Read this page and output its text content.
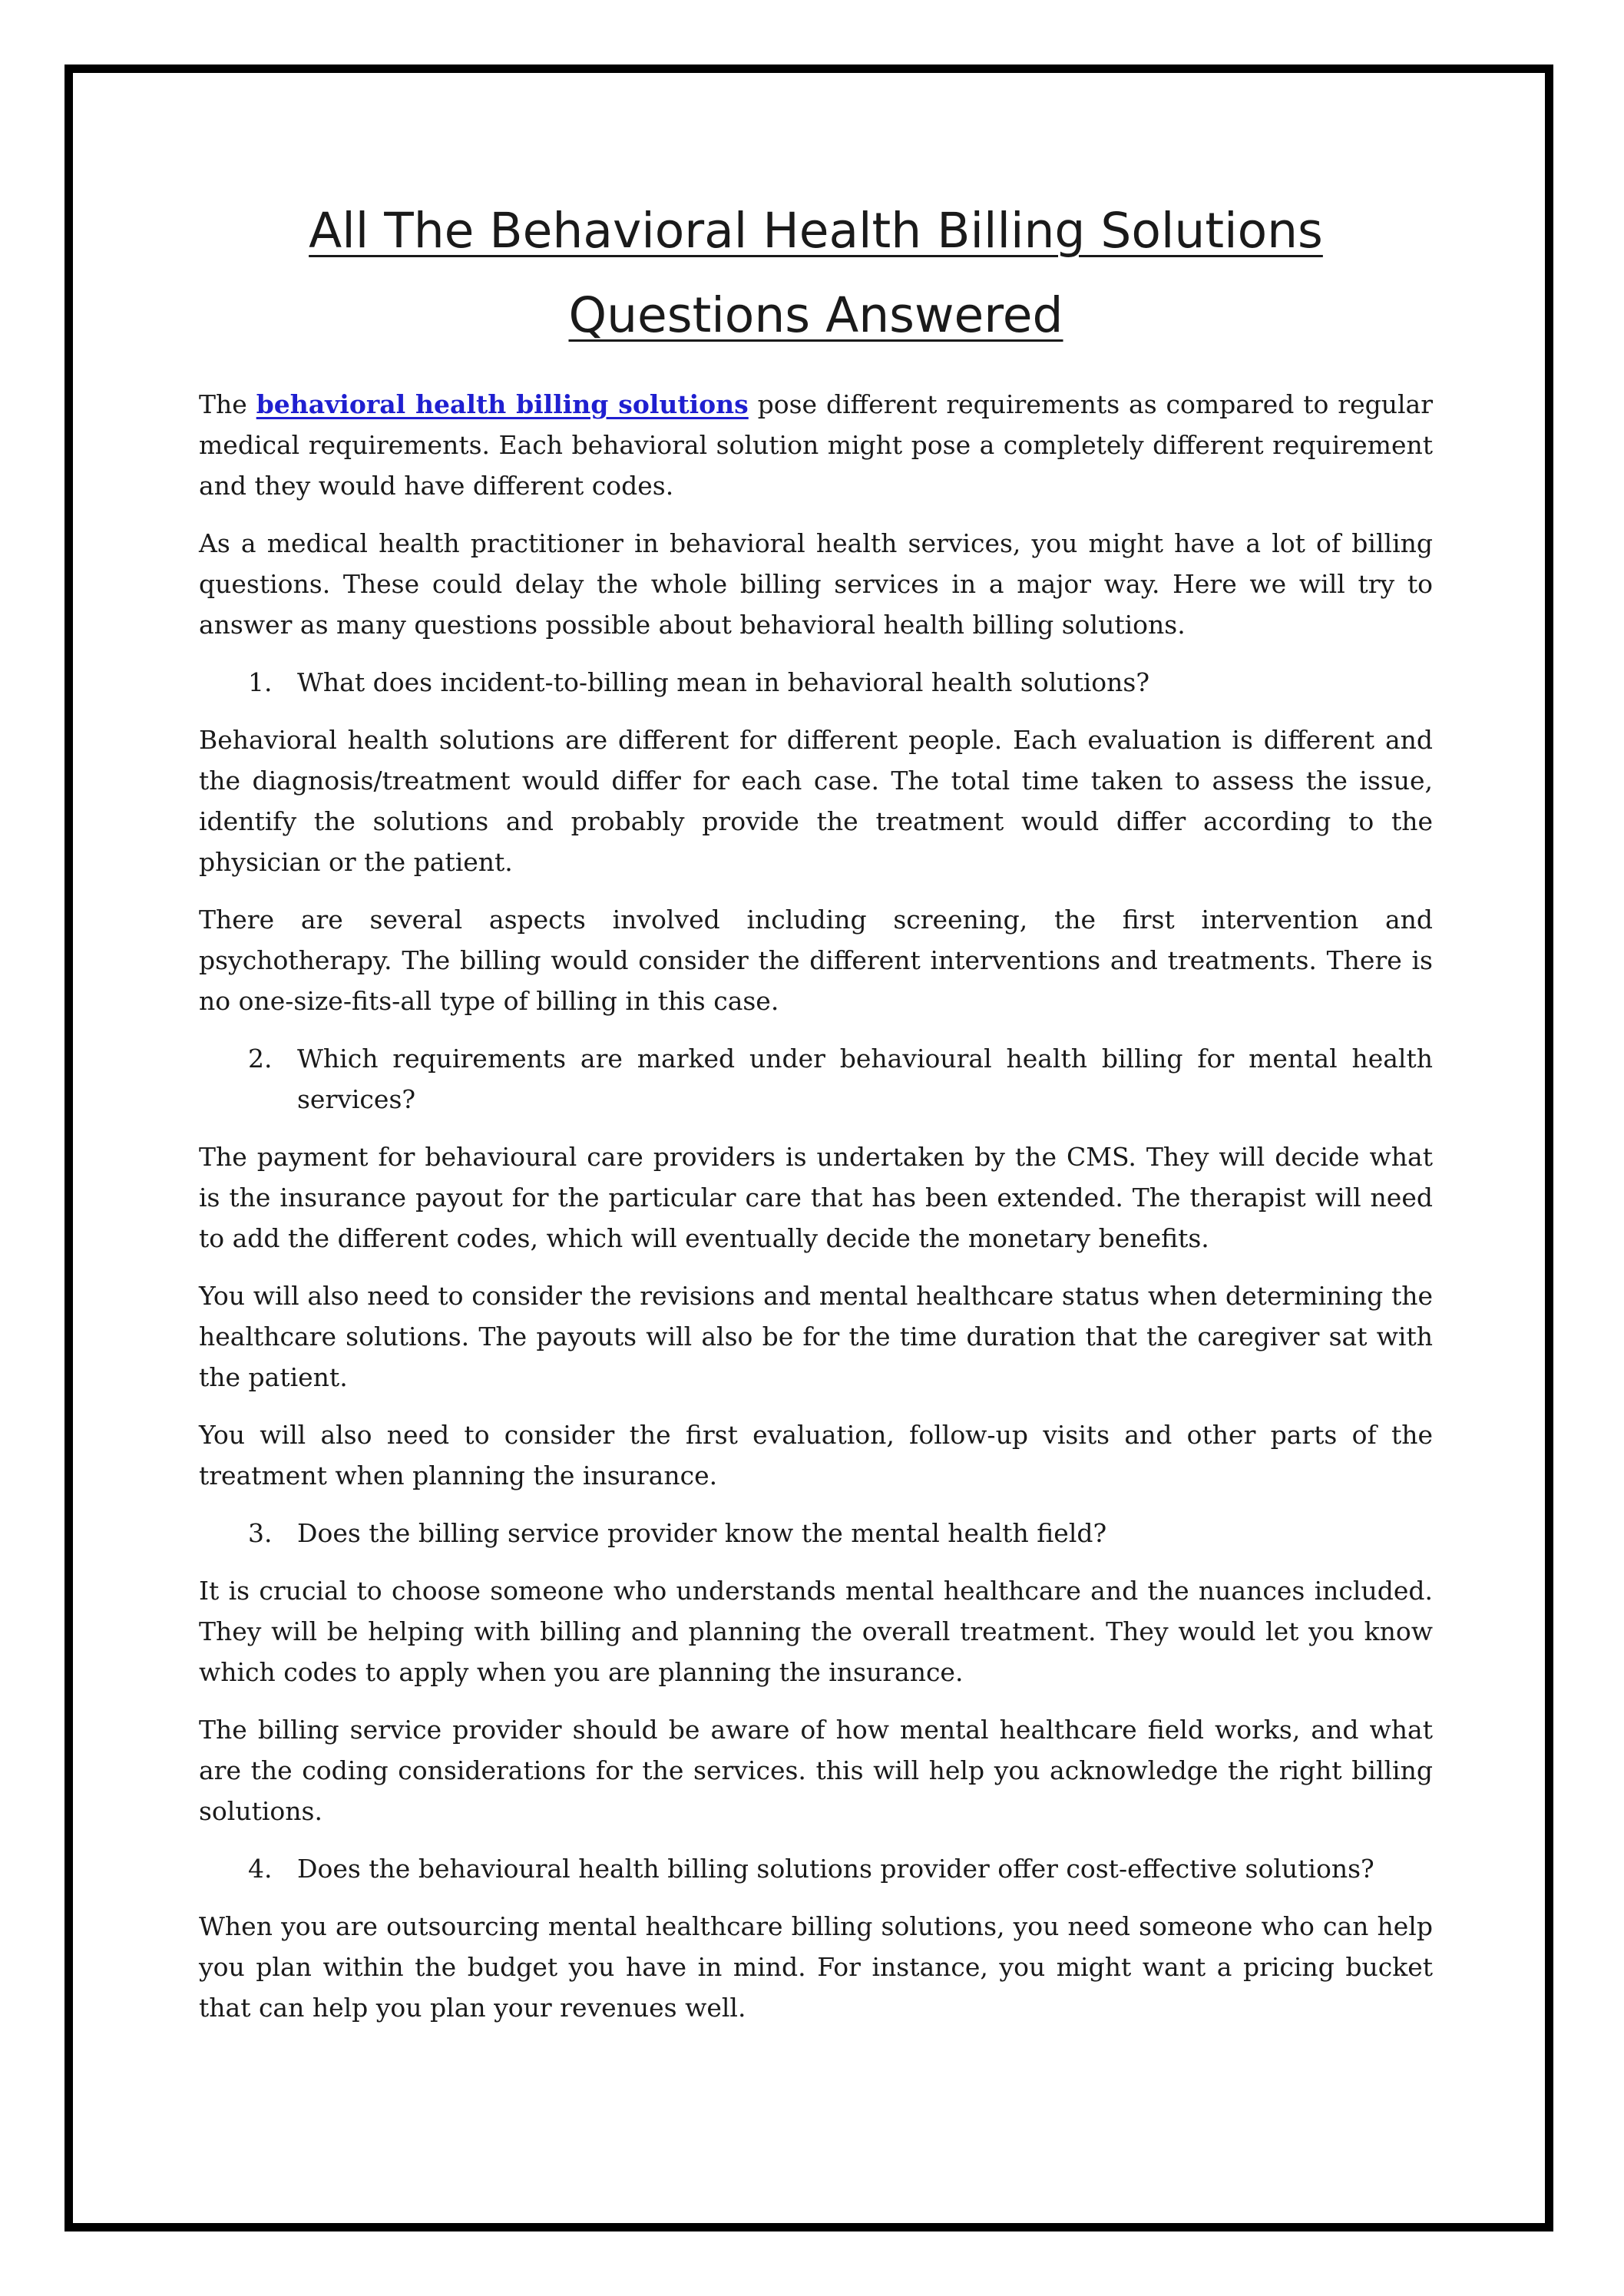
All The Behavioral Health Billing Solutions
Questions Answered

The behavioral health billing solutions pose different requirements as compared to regular medical requirements. Each behavioral solution might pose a completely different requirement and they would have different codes.

As a medical health practitioner in behavioral health services, you might have a lot of billing questions. These could delay the whole billing services in a major way. Here we will try to answer as many questions possible about behavioral health billing solutions.

1. What does incident-to-billing mean in behavioral health solutions?

Behavioral health solutions are different for different people. Each evaluation is different and the diagnosis/treatment would differ for each case. The total time taken to assess the issue, identify the solutions and probably provide the treatment would differ according to the physician or the patient.

There are several aspects involved including screening, the first intervention and psychotherapy. The billing would consider the different interventions and treatments. There is no one-size-fits-all type of billing in this case.

2. Which requirements are marked under behavioural health billing for mental health services?

The payment for behavioural care providers is undertaken by the CMS. They will decide what is the insurance payout for the particular care that has been extended. The therapist will need to add the different codes, which will eventually decide the monetary benefits.

You will also need to consider the revisions and mental healthcare status when determining the healthcare solutions. The payouts will also be for the time duration that the caregiver sat with the patient.

You will also need to consider the first evaluation, follow-up visits and other parts of the treatment when planning the insurance.

3. Does the billing service provider know the mental health field?

It is crucial to choose someone who understands mental healthcare and the nuances included. They will be helping with billing and planning the overall treatment. They would let you know which codes to apply when you are planning the insurance.

The billing service provider should be aware of how mental healthcare field works, and what are the coding considerations for the services. this will help you acknowledge the right billing solutions.

4. Does the behavioural health billing solutions provider offer cost-effective solutions?

When you are outsourcing mental healthcare billing solutions, you need someone who can help you plan within the budget you have in mind. For instance, you might want a pricing bucket that can help you plan your revenues well.
